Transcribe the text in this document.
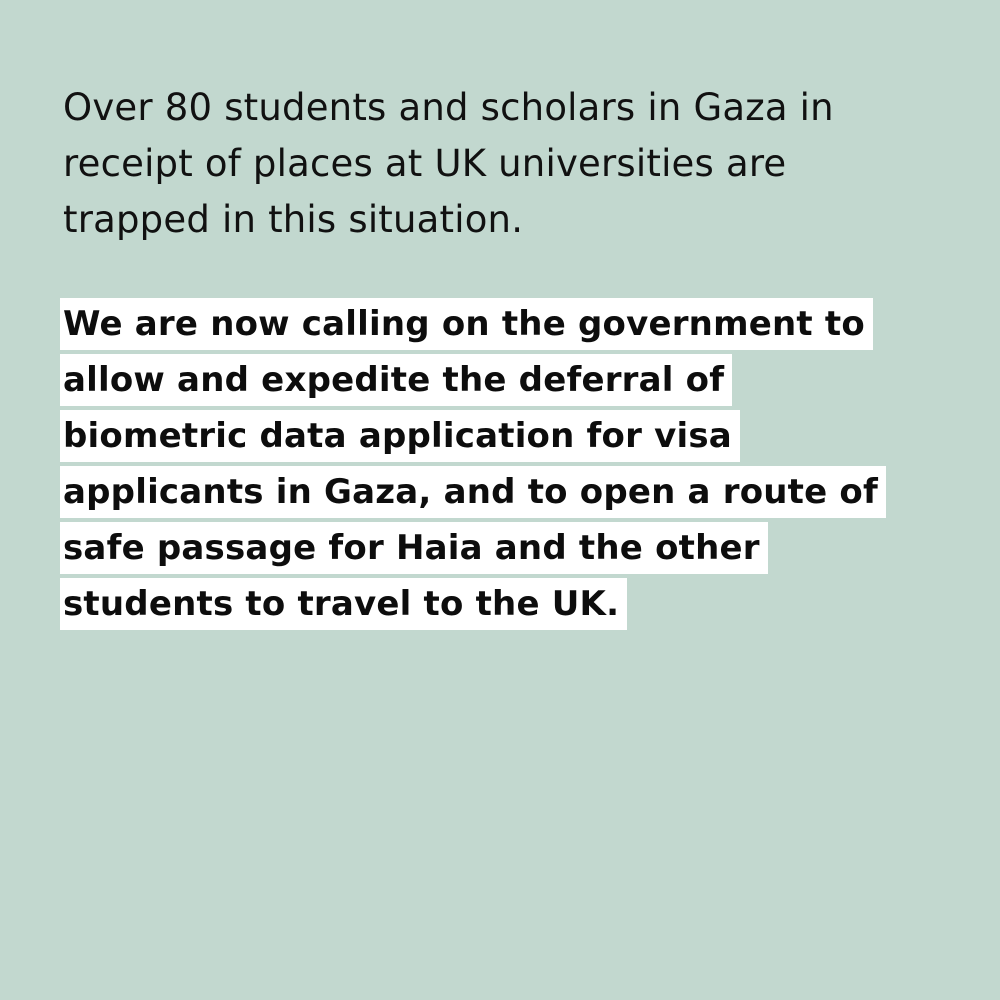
Over 80 students and scholars in Gaza in
receipt of places at UK universities are
trapped in this situation.
We are now calling on the government to
allow and expedite the deferral of
biometric data application for visa
applicants in Gaza, and to open a route of
safe passage for Haia and the other
students to travel to the UK.
